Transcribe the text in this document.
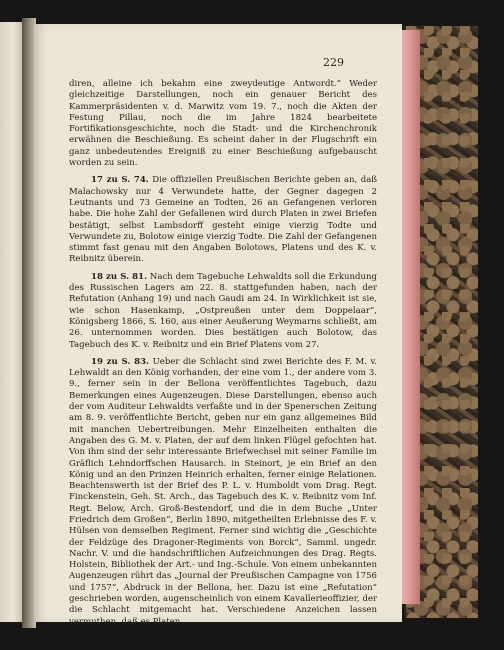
229

diren, alleine ich bekahm eine zweydeutige Antwordt.“ Weder gleichzeitige Darstellungen, noch ein genauer Bericht des Kammerpräsidenten v. d. Marwitz vom 19. 7., noch die Akten der Festung Pillau, noch die im Jahre 1824 bearbeitete Fortifikationsgeschichte, noch die Stadt- und die Kirchenchronik erwähnen die Beschießung. Es scheint daher in der Flugschrift ein ganz unbedeutendes Ereigniß zu einer Beschießung aufgebauscht worden zu sein.

17 zu S. 74. Die offiziellen Preußischen Berichte geben an, daß Malachowsky nur 4 Verwundete hatte, der Gegner dagegen 2 Leutnants und 73 Gemeine an Todten, 26 an Gefangenen verloren habe. Die hohe Zahl der Gefallenen wird durch Platen in zwei Briefen bestätigt, selbst Lambsdorff gesteht einige vierzig Todte und Verwundete zu, Bolotow einige vierzig Todte. Die Zahl der Gefangenen stimmt fast genau mit den Angaben Bolotows, Platens und des K. v. Reibnitz überein.

18 zu S. 81. Nach dem Tagebuche Lehwaldts soll die Erkundung des Russischen Lagers am 22. 8. stattgefunden haben, nach der Refutation (Anhang 19) und nach Gaudi am 24. In Wirklichkeit ist sie, wie schon Hasenkamp, „Ostpreußen unter dem Doppelaar“, Königsberg 1866, S. 160, aus einer Aeußerung Weymarns schließt, am 26. unternommen worden. Dies bestätigen auch Bolotow, das Tagebuch des K. v. Reibnitz und ein Brief Platens vom 27.

19 zu S. 83. Ueber die Schlacht sind zwei Berichte des F. M. v. Lehwaldt an den König vorhanden, der eine vom 1., der andere vom 3. 9., ferner sein in der Bellona veröffentlichtes Tagebuch, dazu Bemerkungen eines Augenzeugen. Diese Darstellungen, ebenso auch der vom Auditeur Lehwaldts verfaßte und in der Spenerschen Zeitung am 8. 9. veröffentlichte Bericht, geben nur ein ganz allgemeines Bild mit manchen Uebertreibungen. Mehr Einzelheiten enthalten die Angaben des G. M. v. Platen, der auf dem linken Flügel gefochten hat. Von ihm sind der sehr interessante Briefwechsel mit seiner Familie im Gräflich Lehndorffschen Hausarch. in Steinort, je ein Brief an den König und an den Prinzen Heinrich erhalten, ferner einige Relationen. Beachtenswerth ist der Brief des P. L. v. Humboldt vom Drag. Regt. Finckenstein, Geh. St. Arch., das Tagebuch des K. v. Reibnitz vom Inf. Regt. Below, Arch. Groß-Bestendorf, und die in dem Buche „Unter Friedrich dem Großen“, Berlin 1890, mitgetheilten Erlebnisse des F. v. Hülsen von demselben Regiment. Ferner sind wichtig die „Geschichte der Feldzüge des Dragoner-Regiments von Borck“, Samml. ungedr. Nachr. V. und die handschriftlichen Aufzeichnungen des Drag. Regts. Holstein, Bibliothek der Art.- und Ing.-Schule. Von einem unbekannten Augenzeugen rührt das „Journal der Preußischen Campagne von 1756 und 1757“, Abdruck in der Bellona, her. Dazu ist eine „Refutation“ geschrieben worden, augenscheinlich von einem Kavallerieoffizier, der die Schlacht mitgemacht hat. Verschiedene Anzeichen lassen vermuthen, daß es Platen
